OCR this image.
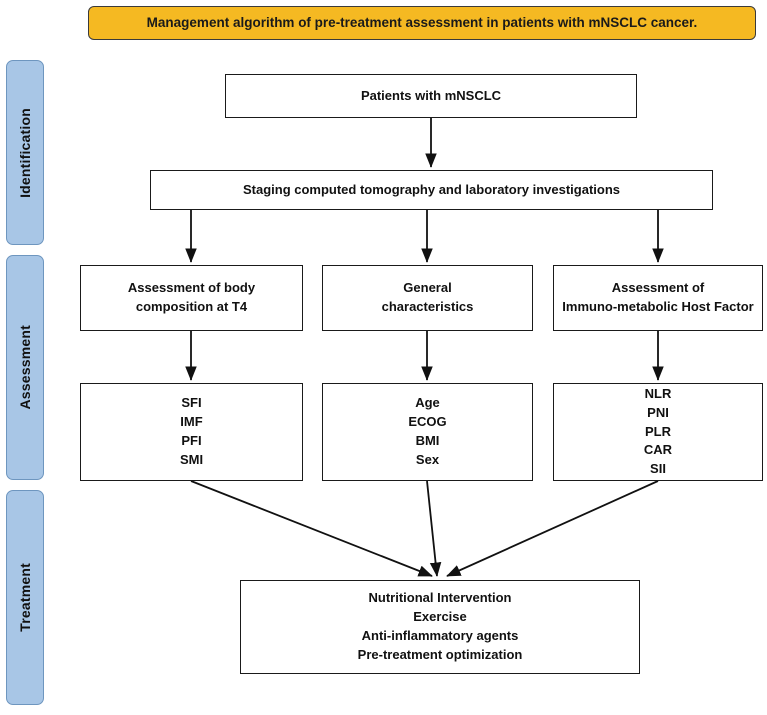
Management algorithm of pre-treatment assessment in patients with mNSCLC cancer.
Identification
Assessment
Treatment
Patients with mNSCLC
Staging computed tomography and laboratory investigations
Assessment of body
composition at T4
General
characteristics
Assessment of
Immuno-metabolic Host Factor
SFI
IMF
PFI
SMI
Age
ECOG
BMI
Sex
NLR
PNI
PLR
CAR
SII
Nutritional Intervention
Exercise
Anti-inflammatory agents
Pre-treatment optimization
